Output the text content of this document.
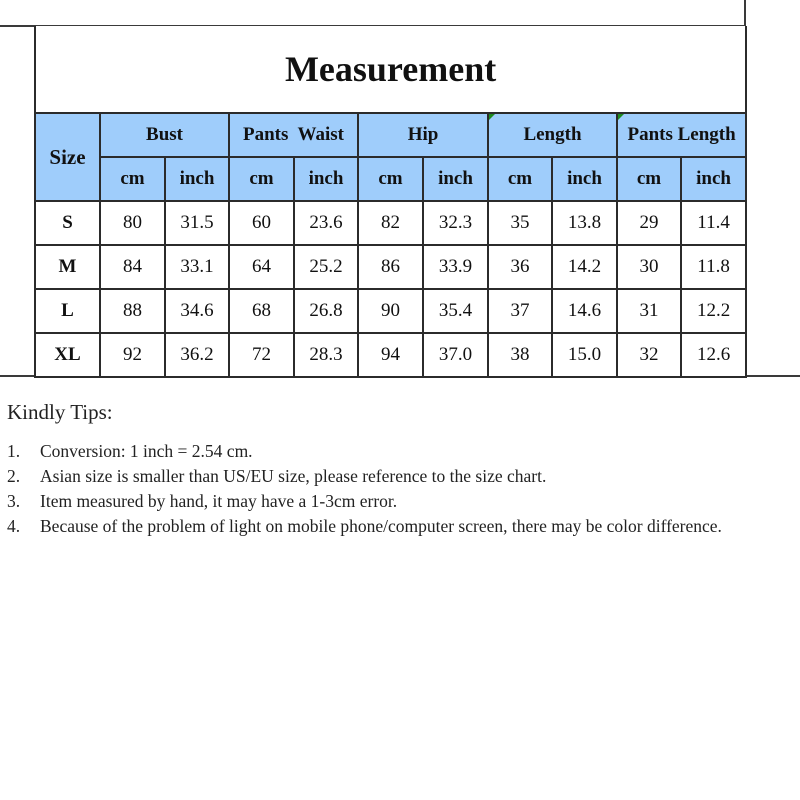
Measurement										
Size	Bust		Pants  Waist		Hip		Length		Pants Length	
	cm	inch	cm	inch	cm	inch	cm	inch	cm	inch
S	80	31.5	60	23.6	82	32.3	35	13.8	29	11.4
M	84	33.1	64	25.2	86	33.9	36	14.2	30	11.8
L	88	34.6	68	26.8	90	35.4	37	14.6	31	12.2
XL	92	36.2	72	28.3	94	37.0	38	15.0	32	12.6
Kindly Tips:
1. Conversion: 1 inch = 2.54 cm.
2. Asian size is smaller than US/EU size, please reference to the size chart.
3. Item measured by hand, it may have a 1-3cm error.
4. Because of the problem of light on mobile phone/computer screen, there may be color difference.
